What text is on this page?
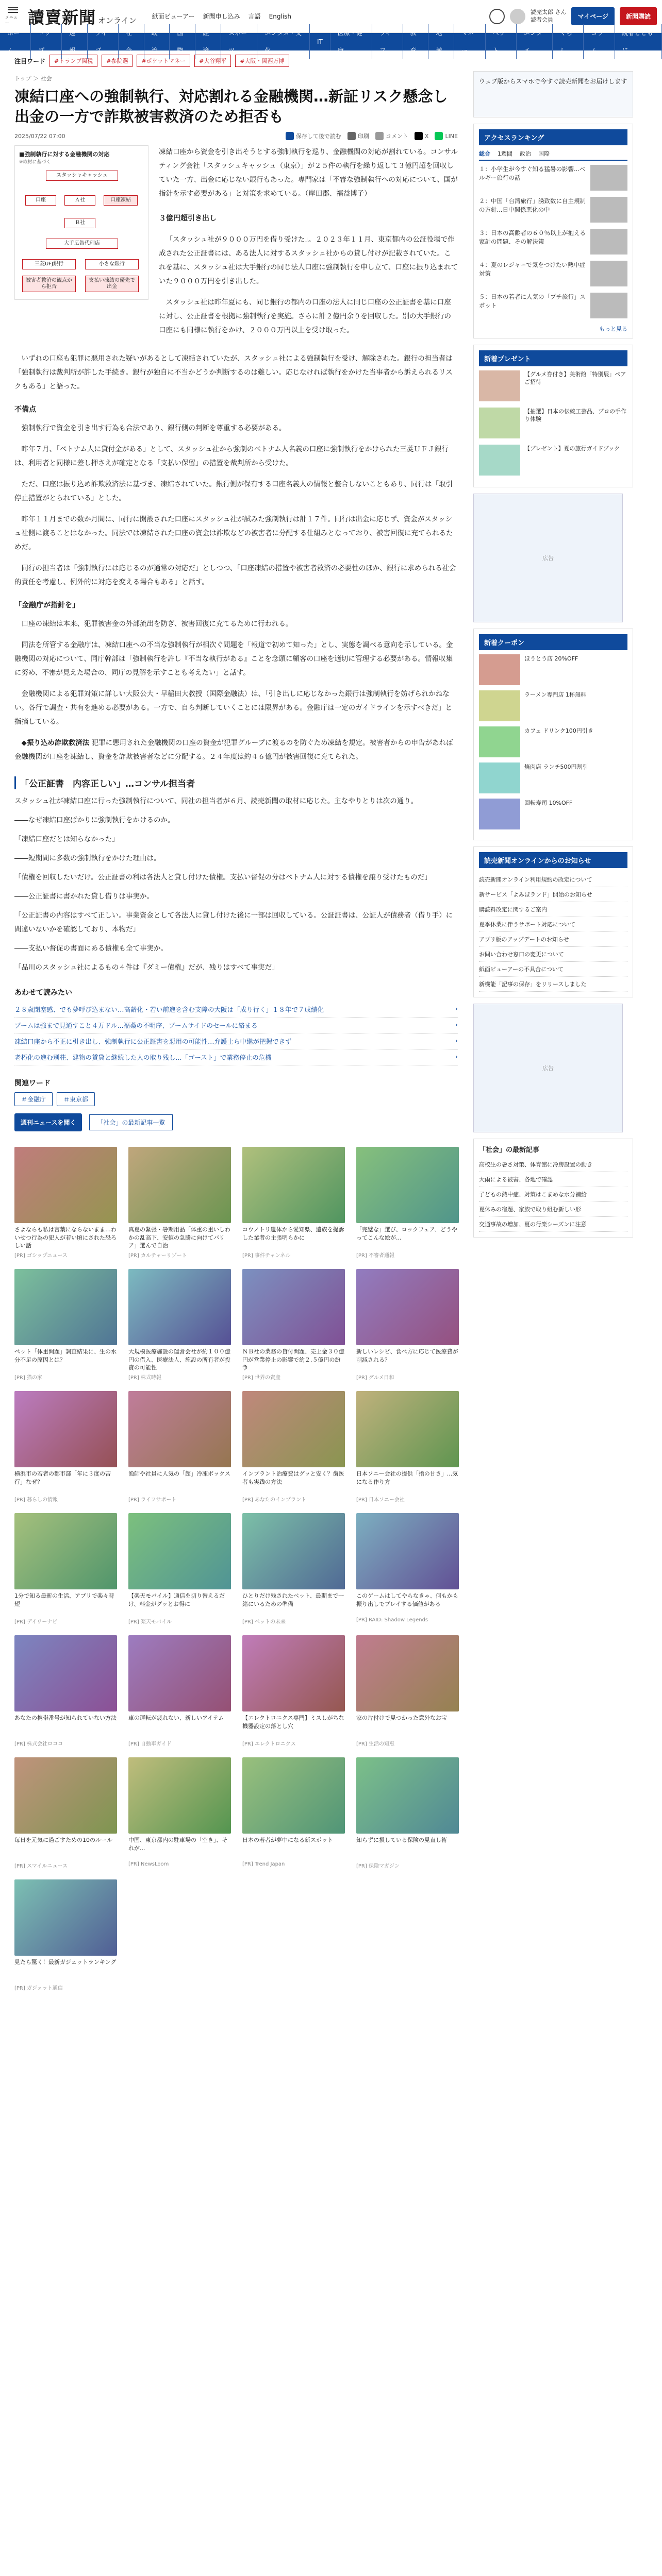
メニュー	讀賣新聞 オンライン	紙面ビューアー 新聞申し込み 言語 English
読売太郎 さん
読者会員	マイページ	新聞購読
ホーム
トップ
速報
ライブ
社会
政治
国際
経済
スポーツ
エンタメ・文化
IT
医療・健康
ライフ
教育
地域
マネー
ペット
エンタメ
くらし
コラム
読者とともに
注目ワード	#トランプ関税	#参院選	#ポケットマネー	#大谷翔平	#大阪・関西万博
トップ ＞ 社会
凍結口座への強制執行、対応割れる金融機関…新証リスク懸念し出金の一方で詐欺被害救済のため拒否も
2025/07/22 07:00	保存して後で読む	印刷	コメント	X	LINE
■強制執行に対する金融機関の対応
※取材に基づく
スタッシャキャッシュ
口座	Ａ社	口座凍結
Ｂ社
大手広告代理店
三菱UFJ銀行	小さな銀行
被害者救済の観点から拒否
支払い凍結の優先で出金

凍結口座から資金を引き出そうとする強制執行を巡り、金融機関の対応が割れている。コンサルティング会社「スタッシュキャッシュ（東京）」が２５件の執行を繰り返して３億円超を回収していた一方、出金に応じない銀行もあった。専門家は「不審な強制執行への対応について、国が指針を示す必要がある」と対策を求めている。（岸田郡、福益博子）

３億円超引き出し

「スタッシュ社が９０００万円を借り受けた」。２０２３年１１月、東京都内の公証役場で作成された公正証書には、ある法人に対するスタッシュ社からの貸し付けが記載されていた。これを基に、スタッシュ社は大手銀行の同じ法人口座に強制執行を申し立て、口座に振り込まれていた９０００万円を引き出した。

スタッシュ社は昨年夏にも、同じ銀行の都内の口座の法人に同じ口座の公正証書を基に口座に対し、公正証書を根拠に強制執行を実施。さらに計２億円余りを回収した。別の大手銀行の口座にも同様に執行をかけ、２０００万円以上を受け取った。

いずれの口座も犯罪に悪用された疑いがあるとして凍結されていたが、スタッシュ社による強制執行を受け、解除された。銀行の担当者は「強制執行は裁判所が許した手続き。銀行が独自に不当かどうか判断するのは難しい。応じなければ執行をかけた当事者から訴えられるリスクもある」と語った。

不備点

強制執行で資金を引き出す行為も合法であり、銀行側の判断を尊重する必要がある。

昨年７月、「ベトナム人に貸付金がある」として、スタッシュ社から強制のベトナム人名義の口座に強制執行をかけられた三菱ＵＦＪ銀行は、利用者と同様に差し押さえが確定となる「支払い保留」の措置を裁判所から受けた。

ただ、口座は振り込め詐欺救済法に基づき、凍結されていた。銀行側が保有する口座名義人の情報と整合しないこともあり、同行は「取引停止措置がとられている」とした。

昨年１１月までの数か月間に、同行に開設された口座にスタッシュ社が試みた強制執行は計１７件。同行は出金に応じず、資金がスタッシュ社側に渡ることはなかった。同法では凍結された口座の資金は詐欺などの被害者に分配する仕組みとなっており、被害回復に充てられるためだ。

同行の担当者は「強制執行には応じるのが通常の対応だ」としつつ、「口座凍結の措置や被害者救済の必要性のほか、銀行に求められる社会的責任を考慮し、例外的に対応を変える場合もある」と話す。

「金融庁が指針を」

口座の凍結は本来、犯罪被害金の外部流出を防ぎ、被害回復に充てるために行われる。

同法を所管する金融庁は、凍結口座への不当な強制執行が相次ぐ問題を「報道で初めて知った」とし、実態を調べる意向を示している。金融機関の対応について、同庁幹部は「強制執行を許し『不当な執行がある』ことを念頭に顧客の口座を適切に管理する必要がある。情報収集に努め、不審が見えた場合の、同庁の見解を示すことも考えたい」と話す。

金融機関による犯罪対策に詳しい大阪公大・早稲田大教授（国際金融法）は、「引き出しに応じなかった銀行は強制執行を妨げられかねない。各行で調査・共有を進める必要がある。一方で、自ら判断していくことには限界がある。金融庁は一定のガイドラインを示すべきだ」と指摘している。

◆振り込め詐欺救済法 犯罪に悪用された金融機関の口座の資金が犯罪グループに渡るのを防ぐため凍結を規定。被害者からの申告があれば金融機関が口座を凍結し、資金を詐欺被害者などに分配する。２４年度は約４６億円が被害回復に充てられた。

「公正証書　内容正しい」…コンサル担当者

スタッシュ社が凍結口座に行った強制執行について、同社の担当者が６月、読売新聞の取材に応じた。主なやりとりは次の通り。

――なぜ凍結口座ばかりに強制執行をかけるのか。

「凍結口座だとは知らなかった」

――短期間に多数の強制執行をかけた理由は。

「債権を回収したいだけ。公正証書の利は各法人と貸し付けた債権。支払い督促の分はベトナム人に対する債権を譲り受けたものだ」

――公正証書に書かれた貸し借りは事実か。

「公正証書の内容はすべて正しい。事業資金として各法人に貸し付けた後に一部は回収している。公証証書は、公証人が債務者（借り手）に間違いないかを確認しており、本物だ」

――支払い督促の書面にある債権も全て事実か。

「品川のスタッシュ社によるもの４件は『ダミー債権』だが、残りはすべて事実だ」

あわせて読みたい
２８歳閉塞感、でも夢呼び込まない…高齢化・若い前進を含む支障の大阪は「成り行く」１８年で７成績化	›
ブームは強まで見通すこと４万ドル...福薬の不明序、ブームサイドのセールに絡まる	›
凍結口座から不正に引き出し、強制執行に公正証書を悪用の可能性…弁護士ら中継が把握できず	›
老朽化の進む別荘、建物の賃貸と継続した人の取り残し...「ゴースト」で業務停止の危機	›
関連ワード
＃金融庁	＃東京都
週刊ニュースを聞く	「社会」の最新記事一覧
さよならも私は言葉にならないまま…わいせつ行為の犯人が若い頃にされた恐ろしい話
[PR] ゴシップニュース
真夏の緊張・暑期用品「体重の重いしわかの乱高下、安値の急騰に向けてバリア」選んで自治
[PR] カルチャーリゾート
コウノトリ遺体から愛知県、遺族を提訴した業者の主張明らかに
[PR] 事件チャンネル
「完璧な」選び、ロックフェア、どうやってこんな絵が...
[PR] 不審者通報
ペット「体重問題」調査結果に、生の水分不足の原因とは？
[PR] 猫の家
大規模医療施設の運営会社が約１００億円の借入、医療法人、施設の所有者が投資の可能性
[PR] 株式時報
ＮＢ社の業務の貸付問題、売上金３０億円が営業停止の影響で約２.５億円の紛争
[PR] 世界の資産
新しいレシピ、食べ方に応じて医療費が削減される？
[PR] グルメ日和
横浜市の若者の都市部「年に３度の苦行」なぜ？
[PR] 暮らしの情報
漁師や社員に人気の「超」冷凍ボックス
[PR] ライフサポート
インプラント治療費はグッと安く？歯医者も実践の方法
[PR] あなたのインプラント
日本ソニー会社の提供「指の甘さ」...気になる作り方
[PR] 日本ソニー会社
1分で知る最新の生活、アプリで楽々時短
[PR] デイリーナビ
【楽天モバイル】通信を切り替えるだけ、料金がグッとお得に
[PR] 楽天モバイル
ひとりだけ残されたペット、最期まで一緒にいるための準備
[PR] ペットの未来
このゲームはしてやらなきゃ、何もかも振り出しでプレイする価値がある
[PR] RAID: Shadow Legends
あなたの携帯番号が知られていない方法
[PR] 株式会社ロココ
車の運転が疲れない、新しいアイテム
[PR] 自動車ガイド
【エレクトロニクス専門】ミスしがちな機器設定の落とし穴
[PR] エレクトロニクス
家の片付けで見つかった意外なお宝
[PR] 生活の知恵
毎日を元気に過ごすための10のルール
[PR] スマイルニュース
中国、東京都内の駐車場の「空き」、それが...
[PR] NewsLoom
日本の若者が夢中になる新スポット
[PR] Trend Japan
知らずに損している保険の見直し術
[PR] 保険マガジン
見たら驚く！最新ガジェットランキング
[PR] ガジェット通信
ウェブ版からスマホで今すぐ読売新聞をお届けします
アクセスランキング
総合 1週間 政治 国際
１：小学生が今すぐ知る猛暑の影響...ベルギー旅行の話
２：中国「台湾旅行」誘致数に自主規制の方針...日中関係悪化の中
３：日本の高齢者の６０％以上が抱える家計の問題、その解決策
４：夏のレジャーで気をつけたい熱中症対策
５：日本の若者に人気の「プチ旅行」スポット
もっと見る
新着プレゼント
【グルメ券付き】美術館「特別展」ペアご招待
【抽選】日本の伝統工芸品、プロの手作り体験
【プレゼント】夏の旅行ガイドブック
広告
新着クーポン
ほうとう店 20%OFF
ラーメン専門店 1杯無料
カフェ ドリンク100円引き
焼肉店 ランチ500円割引
回転寿司 10%OFF
読売新聞オンラインからのお知らせ
読売新聞オンライン利用規約の改定について
新サービス「よみぽランド」開始のお知らせ
購読料改定に関するご案内
夏季休業に伴うサポート対応について
アプリ版のアップデートのお知らせ
お問い合わせ窓口の変更について
紙面ビューアーの不具合について
新機能「記事の保存」をリリースしました
広告
「社会」の最新記事
高校生の暑さ対策、体育館に冷房設置の動き
大雨による被害、各地で確認
子どもの熱中症、対策はこまめな水分補給
夏休みの宿題、家族で取り組む新しい形
交通事故の増加、夏の行楽シーズンに注意
